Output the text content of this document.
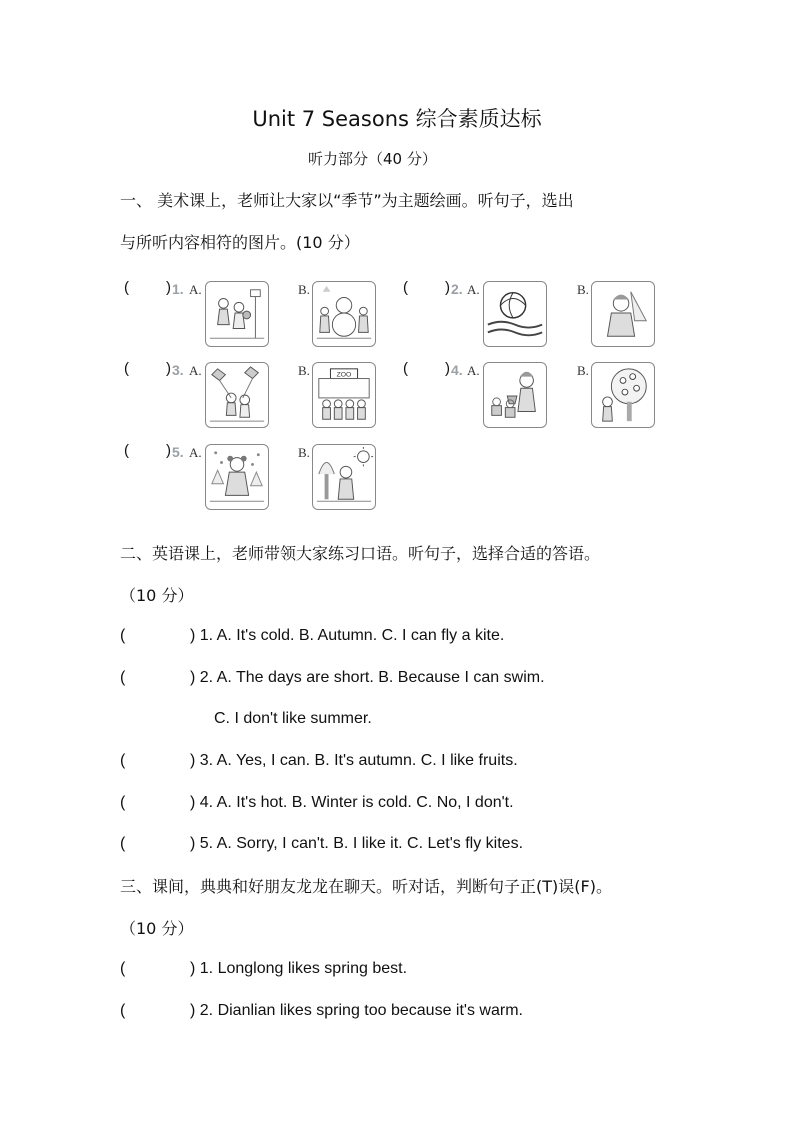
Unit 7 Seasons 综合素质达标
听力部分（40 分）
一、 美术课上，老师让大家以“季节”为主题绘画。听句子，选出
与所听内容相符的图片。(10 分）
( ) 1. A.	B.	( ) 2. A.	B.
( ) 3. A.	B.	ZOO	( ) 4. A.	B.
( ) 5. A.	B.
二、英语课上，老师带领大家练习口语。听句子，选择合适的答语。
（10 分）
(	) 1. A. It's cold. B. Autumn. C. I can fly a kite.
(	) 2. A. The days are short. B. Because I can swim.
C. I don't like summer.
(	) 3. A. Yes, I can. B. It's autumn. C. I like fruits.
(	) 4. A. It's hot. B. Winter is cold. C. No, I don't.
(	) 5. A. Sorry, I can't. B. I like it. C. Let's fly kites.
三、课间，典典和好朋友龙龙在聊天。听对话，判断句子正(T)误(F)。
（10 分）
(	) 1. Longlong likes spring best.
(	) 2. Dianlian likes spring too because it's warm.
